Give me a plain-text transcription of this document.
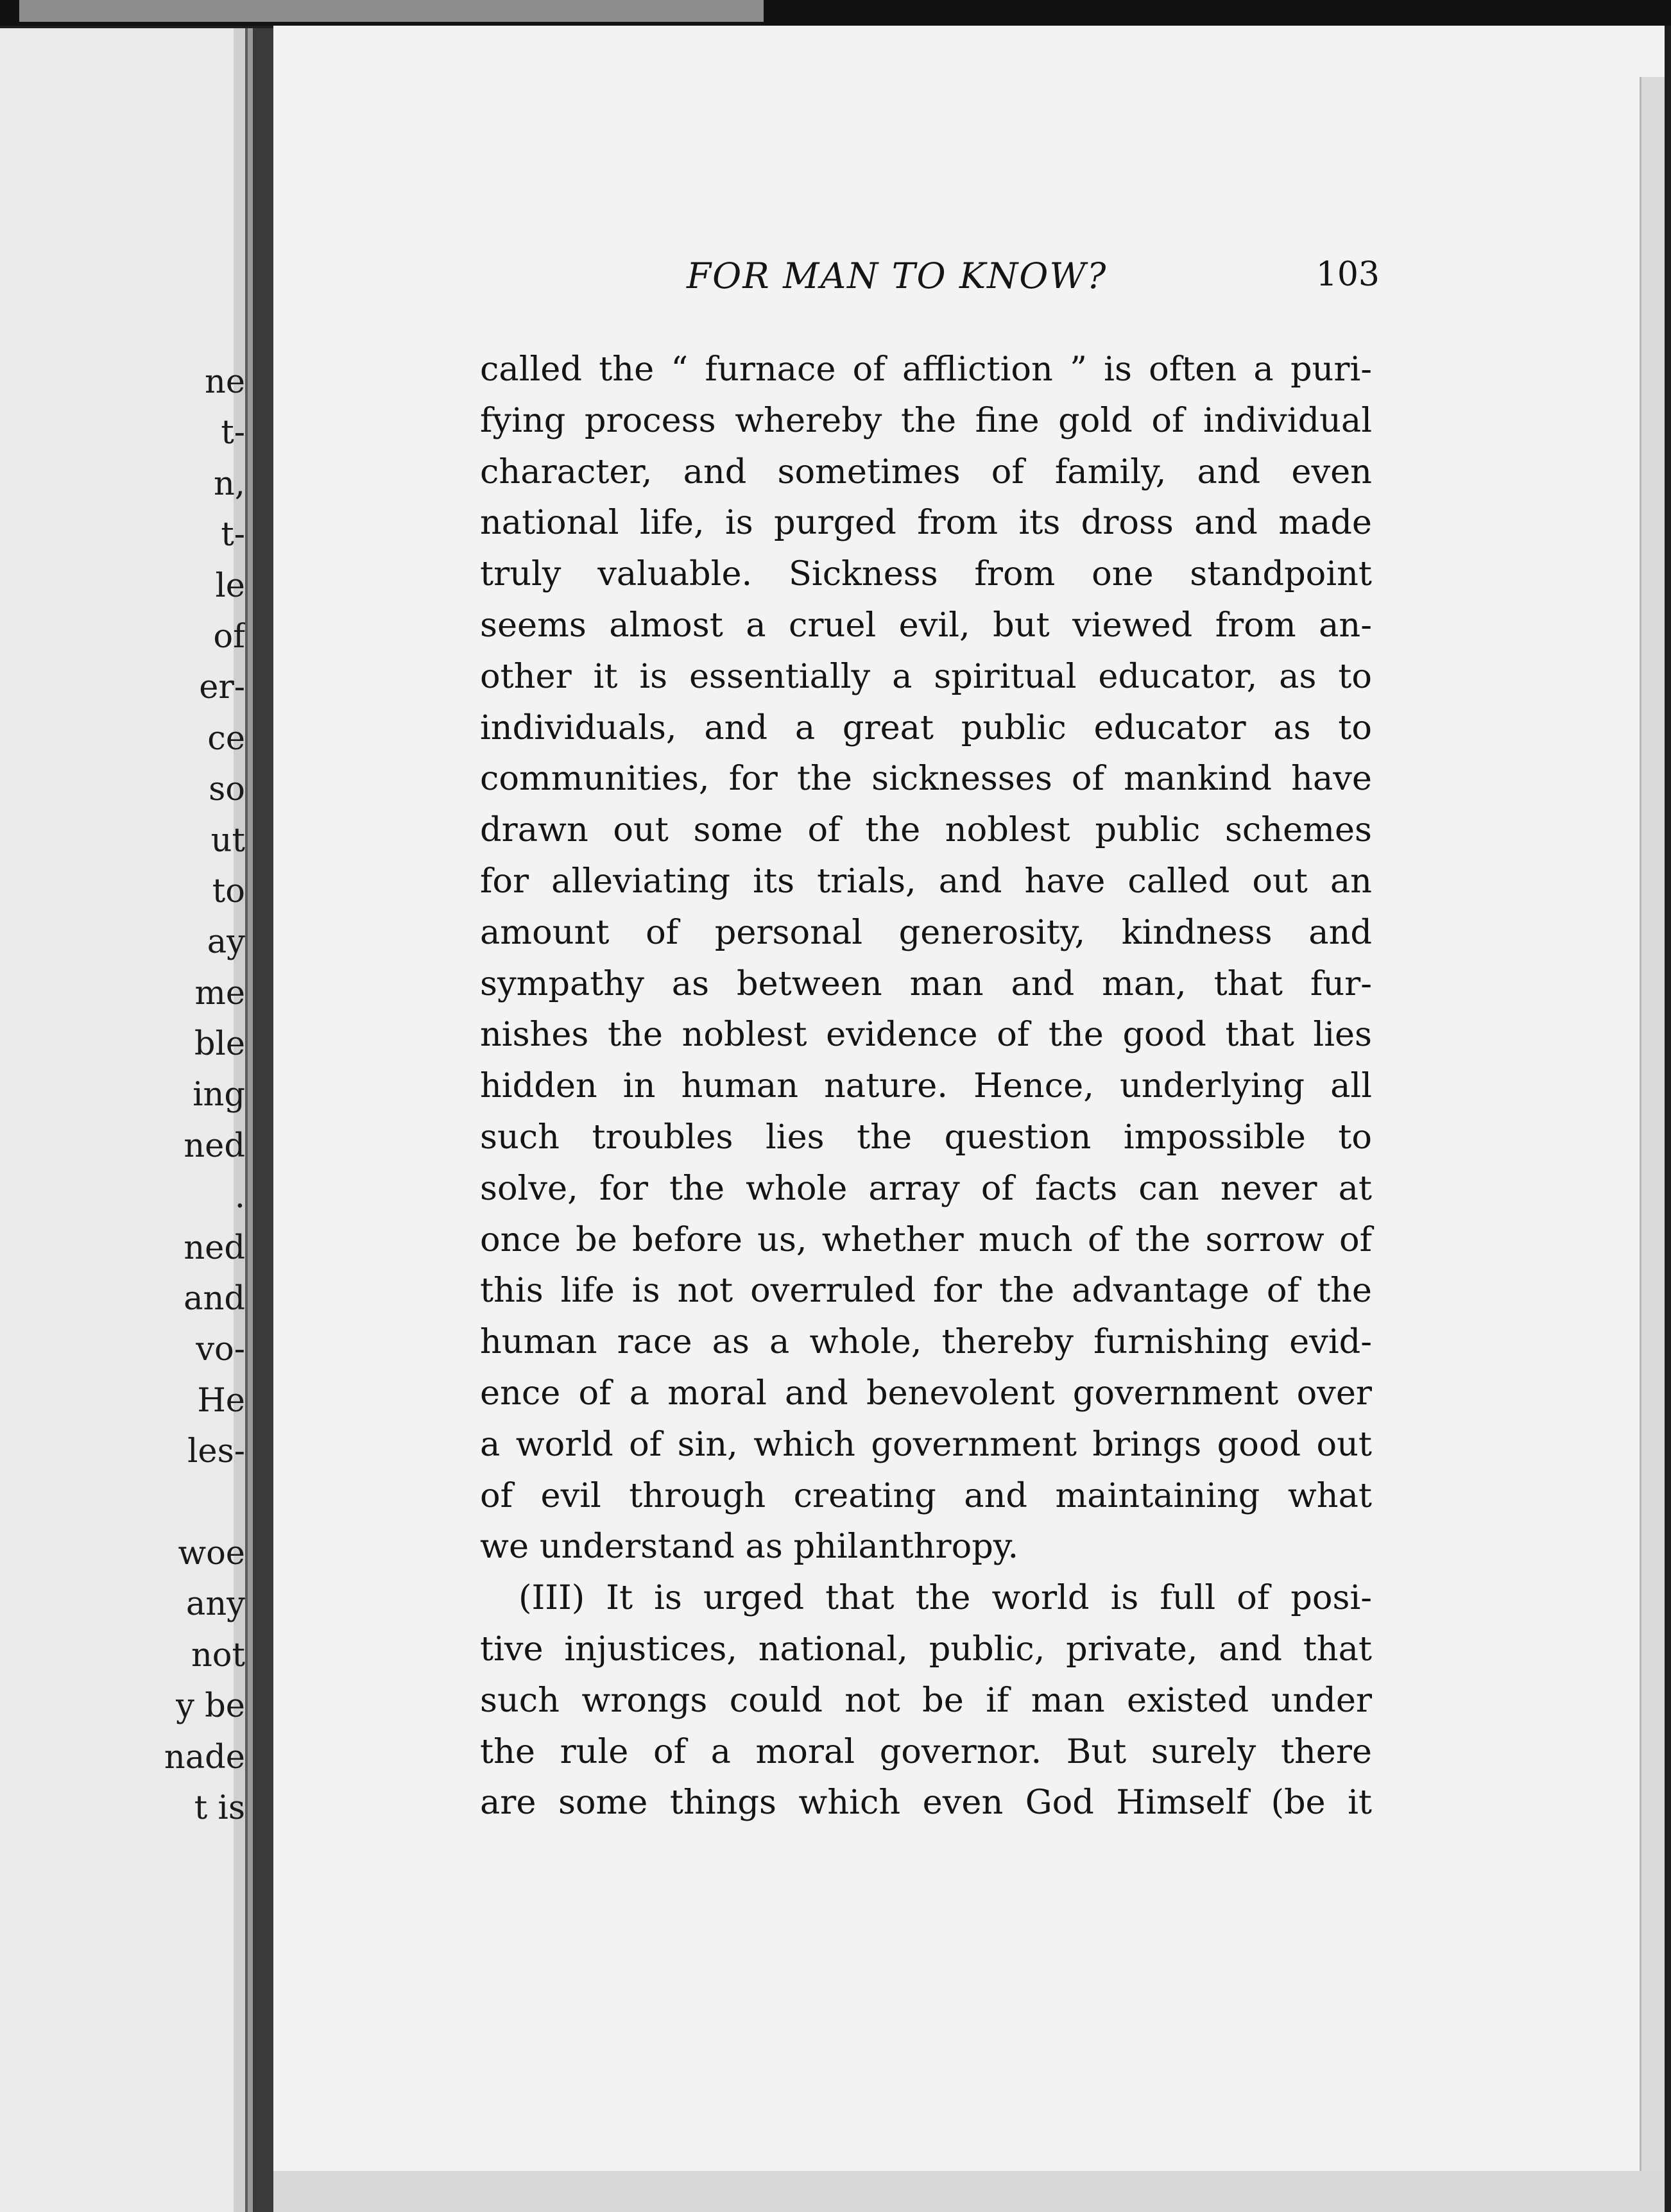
ne
t-
n,
t-
le
of
er-
ce
so
ut
to
ay
me
ble
ing
ned
.
ned
and
vo-
He
les-
woe
any
not
y be
nade
t is
FOR MAN TO KNOW?	103
called the “ furnace of affliction ” is often a puri-
fying process whereby the fine gold of individual
character, and sometimes of family, and even
national life, is purged from its dross and made
truly valuable. Sickness from one standpoint
seems almost a cruel evil, but viewed from an-
other it is essentially a spiritual educator, as to
individuals, and a great public educator as to
communities, for the sicknesses of mankind have
drawn out some of the noblest public schemes
for alleviating its trials, and have called out an
amount of personal generosity, kindness and
sympathy as between man and man, that fur-
nishes the noblest evidence of the good that lies
hidden in human nature. Hence, underlying all
such troubles lies the question impossible to
solve, for the whole array of facts can never at
once be before us, whether much of the sorrow of
this life is not overruled for the advantage of the
human race as a whole, thereby furnishing evid-
ence of a moral and benevolent government over
a world of sin, which government brings good out
of evil through creating and maintaining what
we understand as philanthropy.
(III) It is urged that the world is full of posi-
tive injustices, national, public, private, and that
such wrongs could not be if man existed under
the rule of a moral governor. But surely there
are some things which even God Himself (be it
